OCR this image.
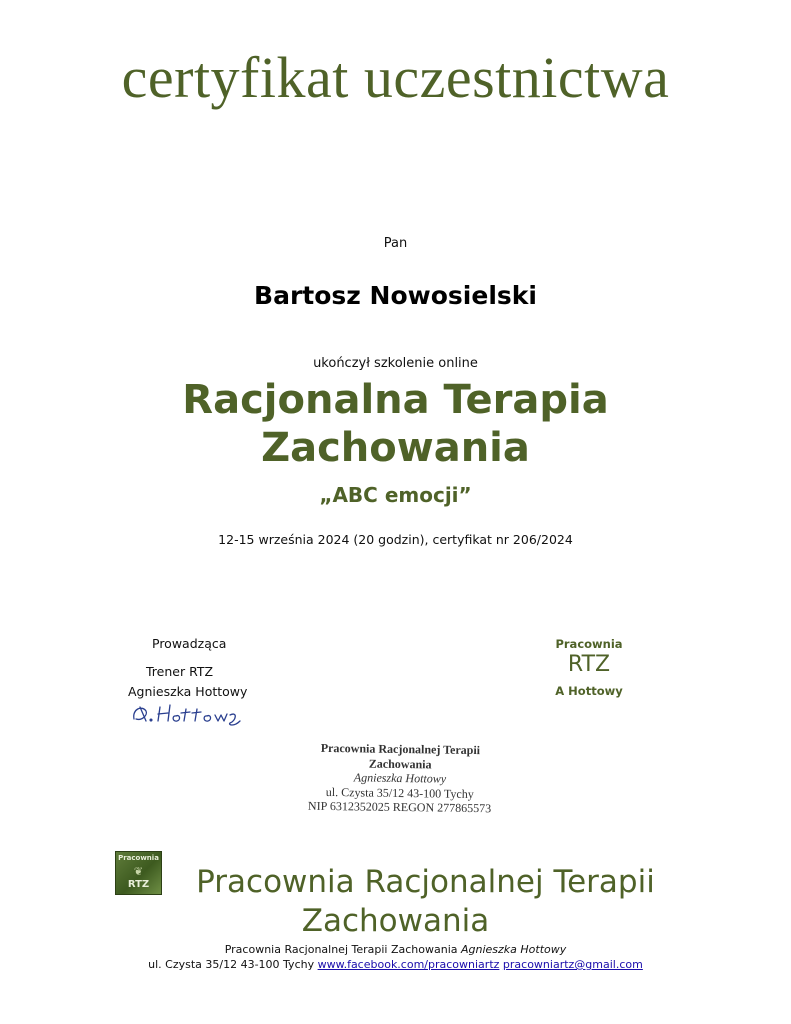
certyfikat uczestnictwa
Pan
Bartosz Nowosielski
ukończył szkolenie online
Racjonalna Terapia
Zachowania
„ABC emocji”
12-15 września 2024 (20 godzin), certyfikat nr 206/2024
Prowadząca
Trener RTZ
Agnieszka Hottowy
Pracownia
RTZ
A Hottowy
Pracownia Racjonalnej Terapii
Zachowania
Agnieszka Hottowy
ul. Czysta 35/12 43-100 Tychy
NIP 6312352025 REGON 277865573
Pracownia
❦
RTZ	Pracownia Racjonalnej Terapii
Zachowania
Pracownia Racjonalnej Terapii Zachowania Agnieszka Hottowy
ul. Czysta 35/12 43-100 Tychy www.facebook.com/pracowniartz pracowniartz@gmail.com
